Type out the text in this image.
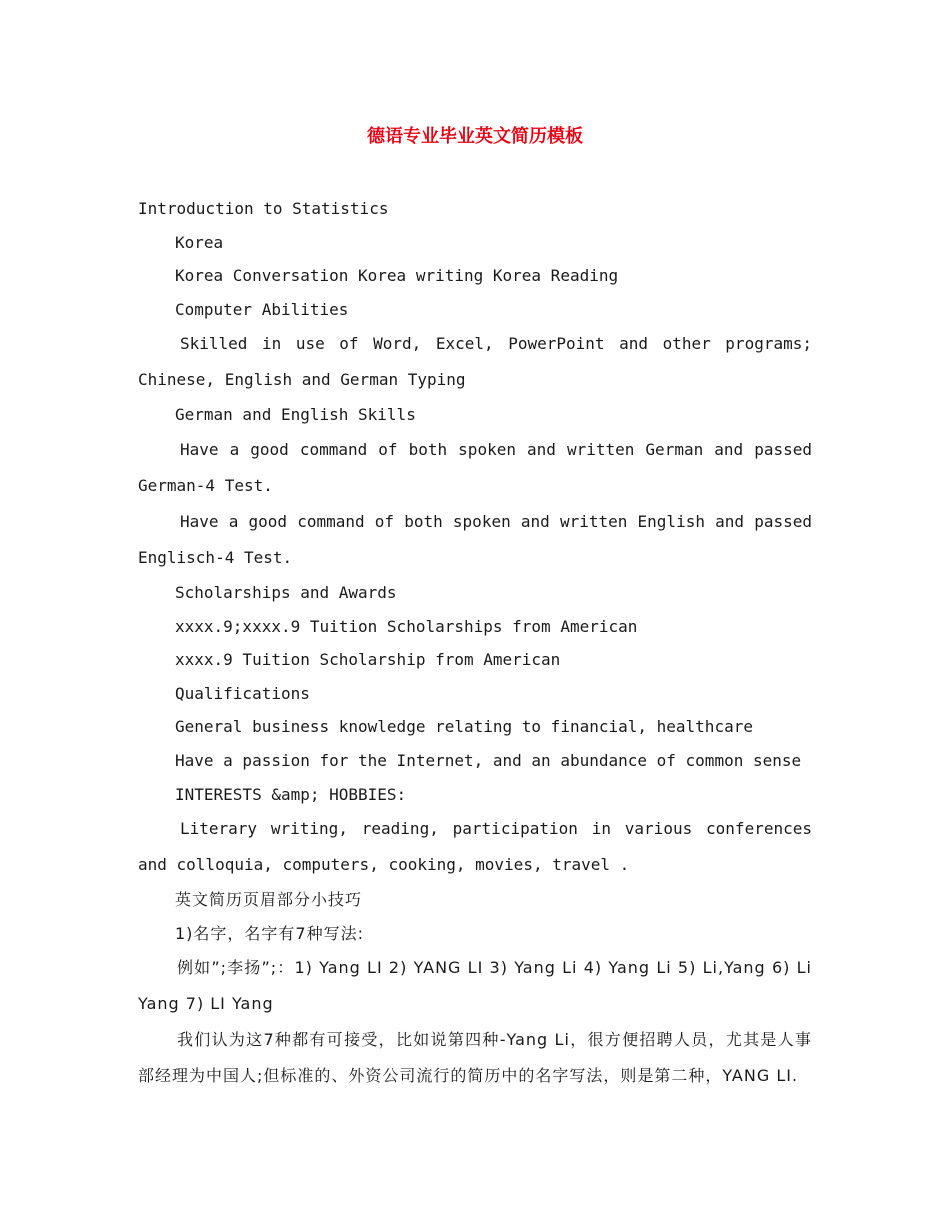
德语专业毕业英文简历模板
Introduction to Statistics
Korea
Korea Conversation Korea writing Korea Reading
Computer Abilities

Skilled in use of Word, Excel, PowerPoint and other programs; Chinese, English and German Typing

German and English Skills

Have a good command of both spoken and written German and passed German-4 Test.

Have a good command of both spoken and written English and passed Englisch-4 Test.

Scholarships and Awards
xxxx.9;xxxx.9 Tuition Scholarships from American
xxxx.9 Tuition Scholarship from American
Qualifications
General business knowledge relating to financial, healthcare
Have a passion for the Internet, and an abundance of common sense
INTERESTS &amp; HOBBIES:

Literary writing, reading, participation in various conferences and colloquia, computers, cooking, movies, travel .

英文简历页眉部分小技巧
1)名字，名字有7种写法:

例如”;李扬”;：1) Yang LI 2) YANG LI 3) Yang Li 4) Yang Li 5) Li,Yang 6) Li Yang 7) LI Yang

我们认为这7种都有可接受，比如说第四种-Yang Li，很方便招聘人员，尤其是人事部经理为中国人;但标准的、外资公司流行的简历中的名字写法，则是第二种，YANG LI.
